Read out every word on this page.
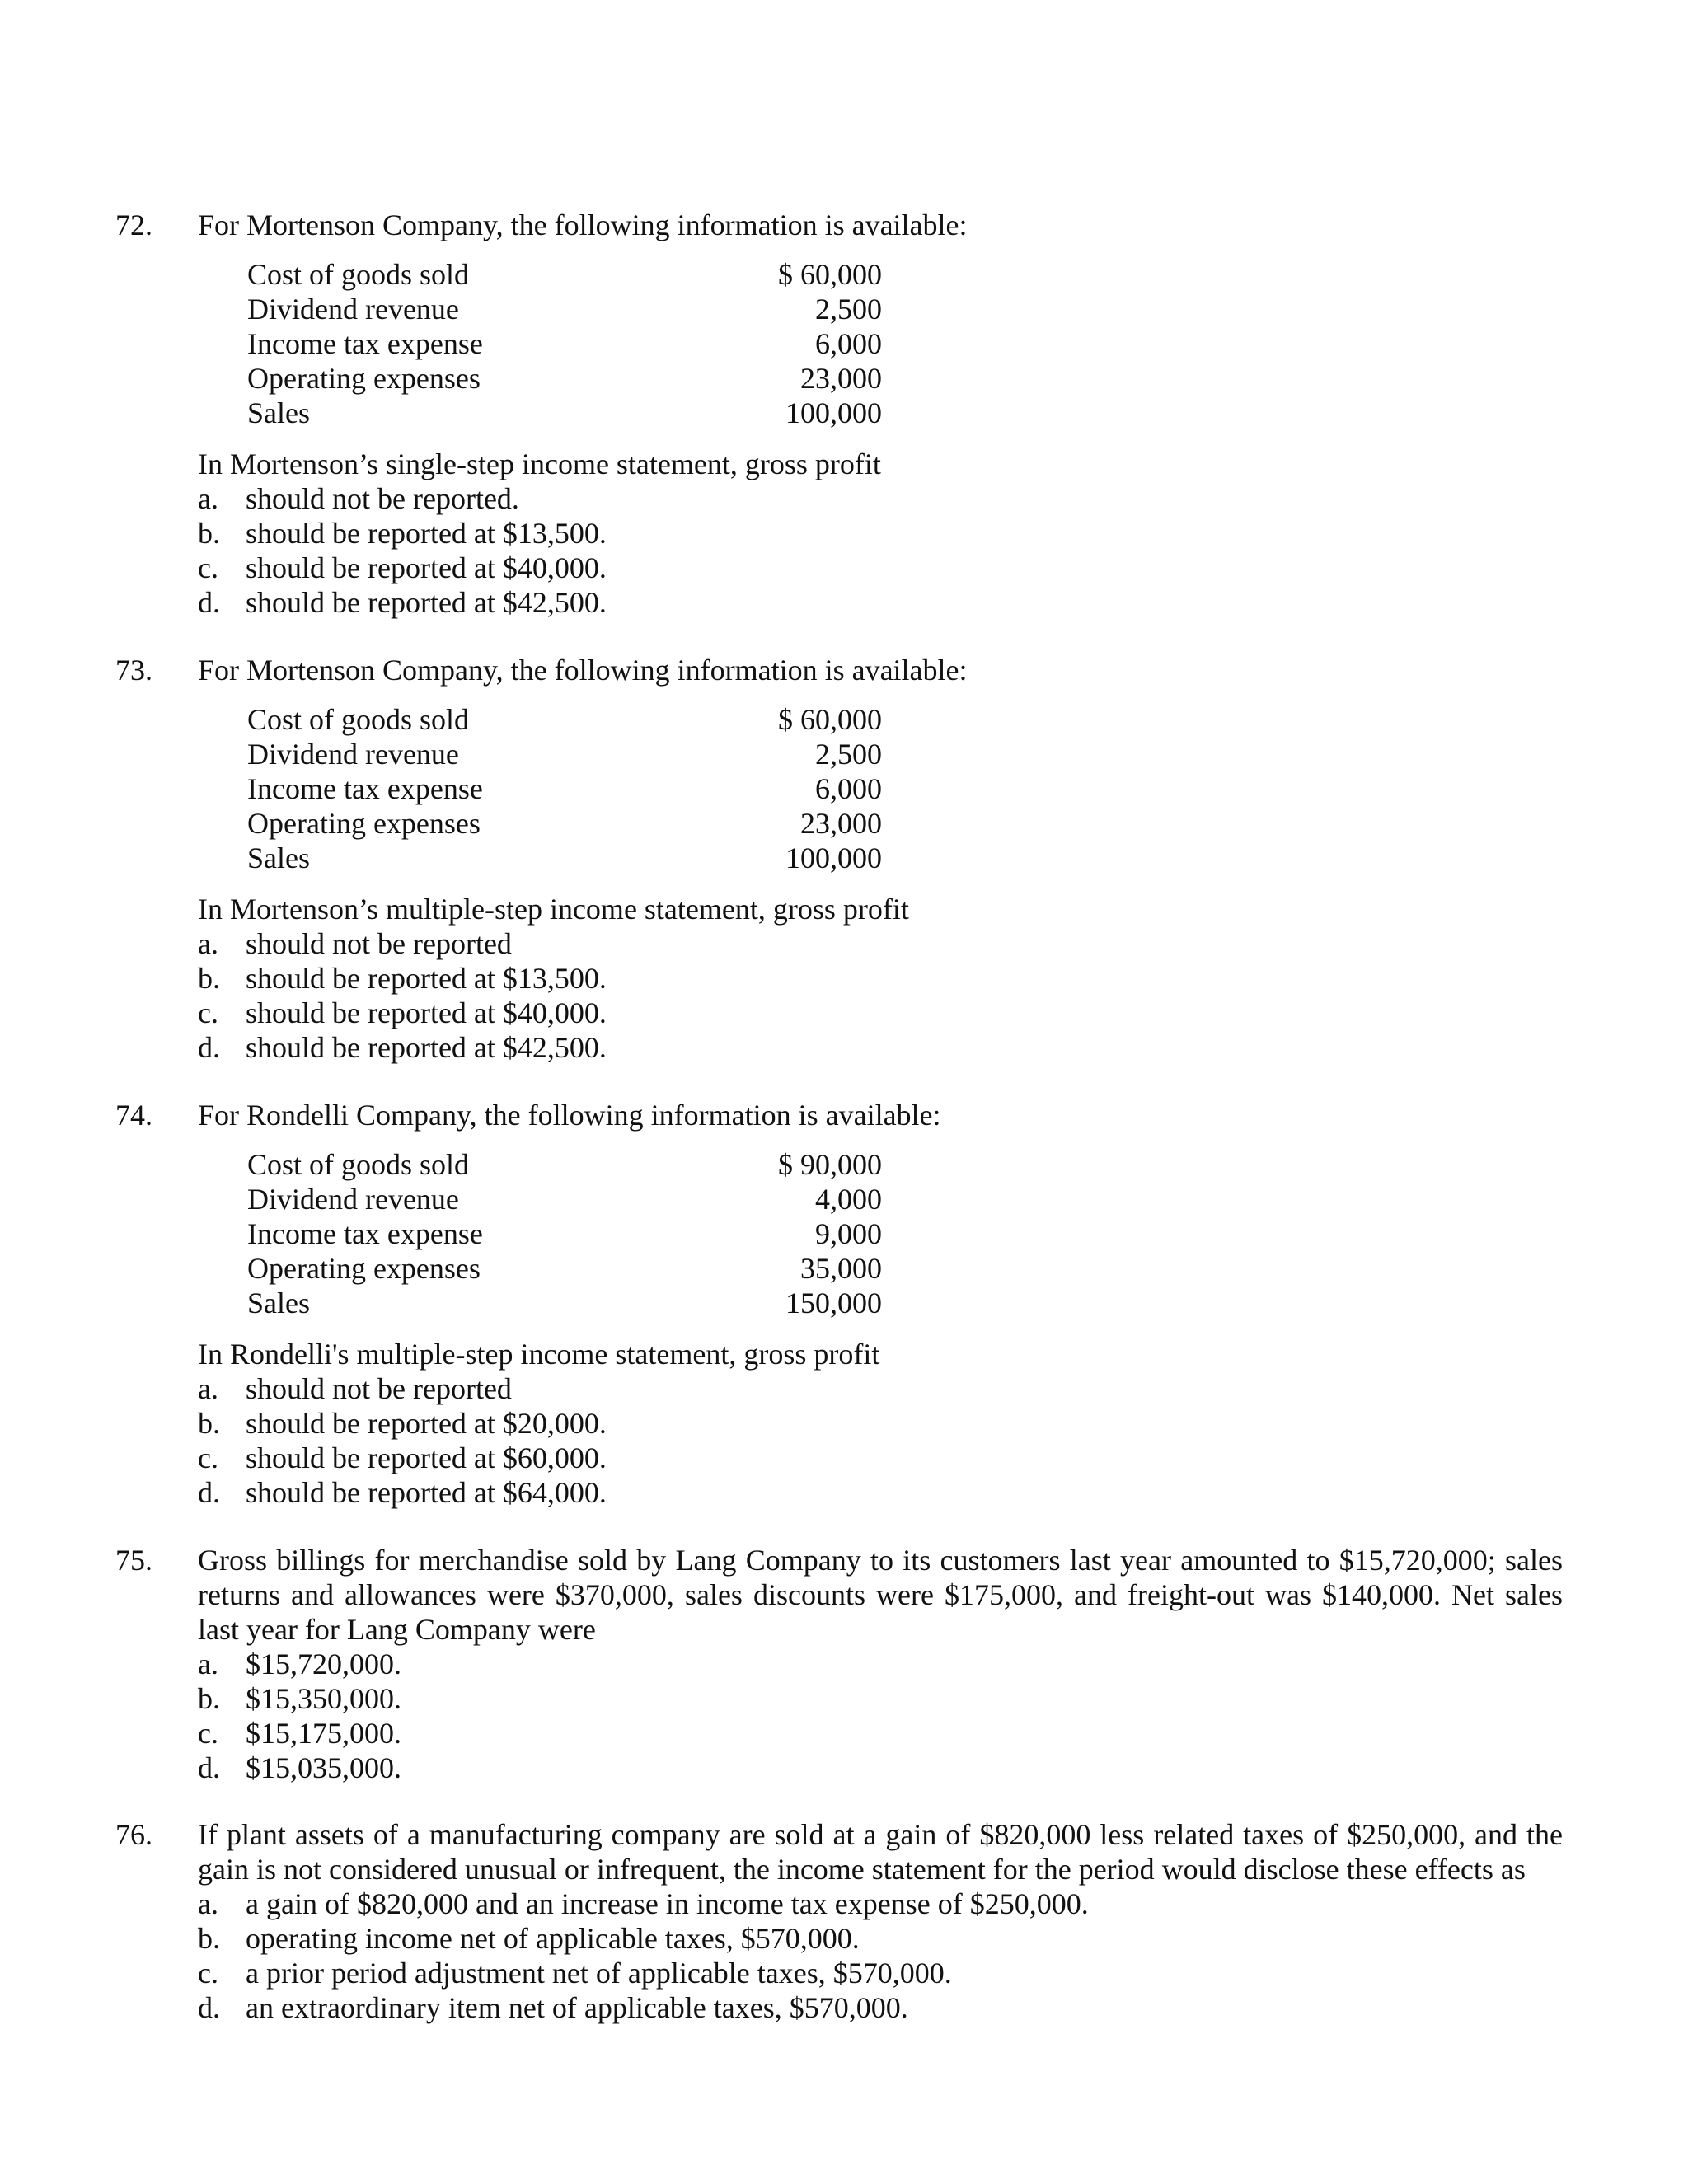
72. For Mortenson Company, the following information is available:
Cost of goods sold	$ 60,000
Dividend revenue	2,500
Income tax expense	6,000
Operating expenses	23,000
Sales	100,000
In Mortenson’s single-step income statement, gross profit
a. should not be reported.
b. should be reported at $13,500.
c. should be reported at $40,000.
d. should be reported at $42,500.
73. For Mortenson Company, the following information is available:
Cost of goods sold	$ 60,000
Dividend revenue	2,500
Income tax expense	6,000
Operating expenses	23,000
Sales	100,000
In Mortenson’s multiple-step income statement, gross profit
a. should not be reported
b. should be reported at $13,500.
c. should be reported at $40,000.
d. should be reported at $42,500.
74. For Rondelli Company, the following information is available:
Cost of goods sold	$ 90,000
Dividend revenue	4,000
Income tax expense	9,000
Operating expenses	35,000
Sales	150,000
In Rondelli's multiple-step income statement, gross profit
a. should not be reported
b. should be reported at $20,000.
c. should be reported at $60,000.
d. should be reported at $64,000.
75. Gross billings for merchandise sold by Lang Company to its customers last year amounted to $15,720,000; sales returns and allowances were $370,000, sales discounts were $175,000, and freight-out was $140,000. Net sales last year for Lang Company were
a. $15,720,000.
b. $15,350,000.
c. $15,175,000.
d. $15,035,000.
76. If plant assets of a manufacturing company are sold at a gain of $820,000 less related taxes of $250,000, and the gain is not considered unusual or infrequent, the income statement for the period would disclose these effects as
a. a gain of $820,000 and an increase in income tax expense of $250,000.
b. operating income net of applicable taxes, $570,000.
c. a prior period adjustment net of applicable taxes, $570,000.
d. an extraordinary item net of applicable taxes, $570,000.
